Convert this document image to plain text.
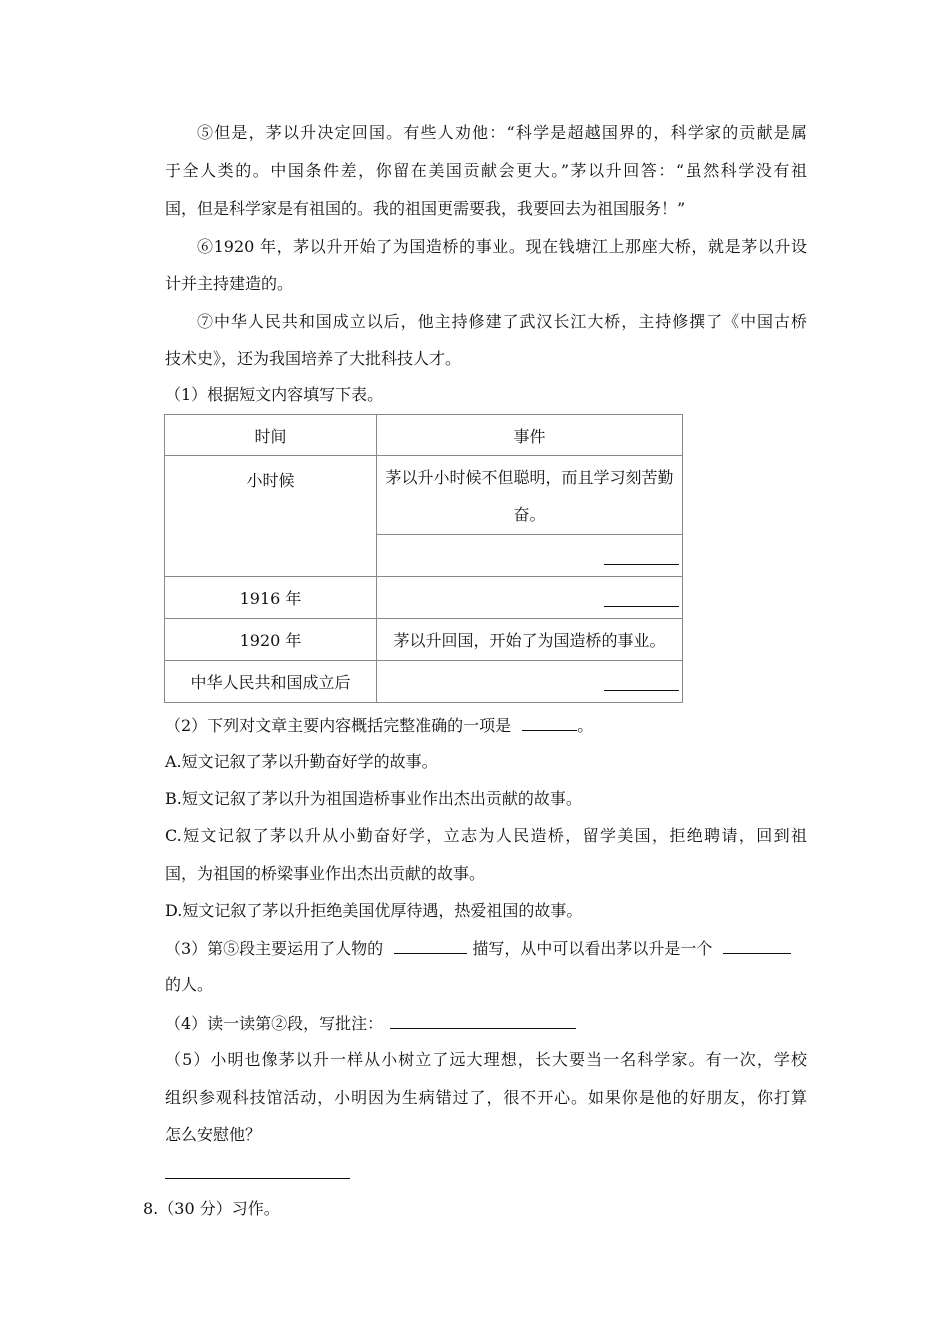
⑤但是，茅以升决定回国。有些人劝他：“科学是超越国界的，科学家的贡献是属
于全人类的。中国条件差，你留在美国贡献会更大。”茅以升回答：“虽然科学没有祖
国，但是科学家是有祖国的。我的祖国更需要我，我要回去为祖国服务！”
⑥1920 年，茅以升开始了为国造桥的事业。现在钱塘江上那座大桥，就是茅以升设
计并主持建造的。
⑦中华人民共和国成立以后，他主持修建了武汉长江大桥，主持修撰了《中国古桥
技术史》，还为我国培养了大批科技人才。
（1）根据短文内容填写下表。
时间	事件
小时候	茅以升小时候不但聪明，而且学习刻苦勤
奋。

1916 年	

1920 年	茅以升回国，开始了为国造桥的事业。
中华人民共和国成立后	
（2）下列对文章主要内容概括完整准确的一项是	。
A.短文记叙了茅以升勤奋好学的故事。
B.短文记叙了茅以升为祖国造桥事业作出杰出贡献的故事。
C.短文记叙了茅以升从小勤奋好学，立志为人民造桥，留学美国，拒绝聘请，回到祖
国，为祖国的桥梁事业作出杰出贡献的故事。
D.短文记叙了茅以升拒绝美国优厚待遇，热爱祖国的故事。
（3）第⑤段主要运用了人物的	描写，从中可以看出茅以升是一个
的人。
（4）读一读第②段，写批注：
（5）小明也像茅以升一样从小树立了远大理想，长大要当一名科学家。有一次，学校
组织参观科技馆活动，小明因为生病错过了，很不开心。如果你是他的好朋友，你打算
怎么安慰他？
8.（30 分）习作。
